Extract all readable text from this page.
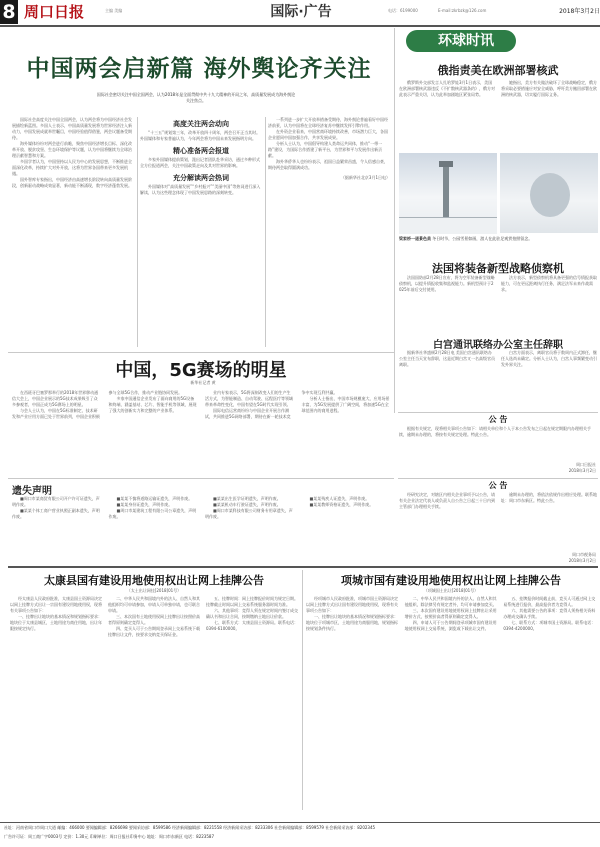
8 周口日报	主编 美编	国际·广告	电话：6199000	E-mail:zkrbzk@126.com	2018年3月2日
中国两会启新篇 海外舆论齐关注
国际社会密切关注中国全国两会，认为2018年是全面贯彻中共十九大精神的开局之年，高质量发展成为海外舆论关注焦点。

国际社会高度关注中国全国两会，认为两会将为中国经济社会发展描绘新蓝图。多国人士表示，中国高质量发展将为世界经济注入新动力，中国发展成就举世瞩目，中国经验值得借鉴，两会议题备受期待。

海外媒体纷纷对两会进行前瞻，聚焦中国经济增长目标、深化改革开放、脱贫攻坚、生态环境保护等议题，认为中国将继续为全球治理贡献智慧和方案。

多国学者认为，中国坚持以人民为中心的发展思想，不断推进全面深化改革，持续扩大对外开放，这将为世界各国带来更多发展机遇。

国外智库专家指出，中国经济由高速增长阶段转向高质量发展阶段，创新驱动战略成效显著，新动能不断涌现，数字经济蓬勃发展。

高度关注两会动向

“十三五”规划第三年，改革开放四十周年，两会召开正当其时。外国媒体和专家普遍认为，今年两会将为中国未来发展指明方向。

精心准备两会报道

多家外国媒体提前策划，派出记者团队赴华采访，通过多种形式全方位报道两会，关注中国政策走向及其对世界的影响。

充分解读两会热词

外国媒体对“高质量发展”“乡村振兴”“美丽中国”等热词进行深入解读，认为这些理念体现了中国发展思路的深刻转变。

一系列进一步扩大开放举措备受期待，海外舆论普遍看好中国经济前景，认为中国将在全球经济复苏中继续发挥引擎作用。

在外资企业看来，中国营商环境持续改善，市场潜力巨大，各国企业愿同中国加强合作，共享发展成果。

分析人士认为，中国倡导构建人类命运共同体，推动“一带一路”建设，为国际合作搭建了新平台，为世界和平与发展作出新贡献。

海外华侨华人也纷纷表示，祖国日益繁荣昌盛，令人倍感自豪，期待两会取得圆满成功。

（据新华社北京3月1日电）
环球时讯
俄指责美在欧洲部署核武

俄罗斯外交部发言人扎哈罗娃3月1日表示，美国在欧洲部署核武器违反《不扩散核武器条约》，俄方对此表示严重关切，认为此举加剧地区紧张局势。

她指出，美方有关做法破坏了全球战略稳定，俄方将采取必要措施应对安全威胁，呼吁美方撤回部署在欧洲的核武器，切实履行国际义务。

梁家桥一道景色美 冬日时节，公园雪景如画，游人在此驻足观赏拍照留念。
法国将装备新型战略侦察机

法国国防部2月28日宣布，将为空军装备新型战略侦察机，以提升情报收集和监视能力。新机型预计于2025年前后交付使用。

法方表示，新型侦察机将具备更强的信号情报获取能力，可在更远距离执行任务，满足法军未来作战需求。

白宫通讯联络办公室主任辞职

据新华社华盛顿2月28日电 美国白宫通讯联络办公室主任当天宣布辞职，这是近期白宫又一名高级官员离职。

白宫方面表示，离职官员将于数周内正式卸任，继任人选尚未确定。分析人士认为，白宫人事频繁变动引发外界关注。

中国，5G赛场的明星
新华社记者 黄

在西班牙巴塞罗那举行的2018年世界移动通信大会上，中国企业展示的5G技术成果吸引了众多参观者，中国正成为5G赛场上的明星。

与会人士认为，中国在5G标准制定、技术研发和产业应用方面已处于世界前列，中国企业积极参与全球5G合作，推动产业链协同发展。

多家中国通信企业发布了面向商用的5G设备和终端，涵盖基站、芯片、智能手机等领域，展现了强大的创新实力和完整的产业体系。

业内专家表示，5G将深刻改变人们的生产生活方式，为智能制造、自动驾驶、远程医疗等领域带来革命性变化，中国有望在5G时代实现引领。

国际电信运营商纷纷与中国企业开展合作测试，共同推进5G网络部署，期待在新一轮技术竞争中实现互利共赢。

分析人士指出，中国市场规模庞大、应用场景丰富，为5G发展提供了广阔空间，将加速5G在全球范围内的商用进程。

公 告

根据有关规定，现将相关事项公告如下：请相关单位和个人于本公告发布之日起在规定期限内办理相关手续，逾期未办理的，将按有关规定处理。特此公告。

周口日报社
2018年3月2日
公 告

经研究决定，对辖区内相关企业事项予以公告，请有关企业法定代表人或负责人自公告之日起三十日内到主管部门办理相关手续。

逾期未办理的，将依法依规作出相应处理。联系地址：周口市东新区。特此公告。

周口市税务局
2018年3月2日
遗失声明

■周口市某商贸有限公司开户许可证遗失，声明作废。

■某某个体工商户营业执照正副本遗失，声明作废。

■某某不慎将道路运输证遗失，声明作废。

■某某身份证遗失，声明作废。

■周口市某建筑工程有限公司公章遗失，声明作废。

■某某出生医学证明遗失，声明作废。

■某某机动车行驶证遗失，声明作废。

■周口市某科技有限公司财务专用章遗失，声明作废。

■某某残疾人证遗失，声明作废。

■某某教师资格证遗失，声明作废。

太康县国有建设用地使用权出让网上挂牌公告
（太土出让网挂[2018]01号）

经太康县人民政府批准，太康县国土资源局决定以网上挂牌方式出让一宗国有建设用地使用权，现将有关事项公告如下：

一、挂牌出让地块的基本情况和规划指标要求：地块位于太康县城区，土地用途为商住用地，出让年限按规定执行。

二、中华人民共和国境内外的法人、自然人和其他组织均可申请参加，申请人可单独申请，也可联合申请。

三、本次国有土地使用权网上挂牌出让按照价高者得原则确定竞得人。

四、竞买人可于公告期间登录网上交易系统下载挂牌出让文件，按要求交纳竞买保证金。

五、挂牌时间：网上挂牌报价时间为规定日期。挂牌截止时间以网上交易系统服务器时间为准。

六、其他事项：竞得人须在规定时间内签订成交确认书和出让合同，按期缴纳土地出让价款。

七、联系方式：太康县国土资源局。联系电话：0394-6100000。

项城市国有建设用地使用权出让网上挂牌公告
（项城国土出让[2018]01号）

经项城市人民政府批准，项城市国土资源局决定以网上挂牌方式出让国有建设用地使用权，现将有关事项公告如下：

一、挂牌出让地块的基本情况和规划指标要求：地块位于项城市区，土地用途为商服用地，规划指标按规划条件执行。

二、中华人民共和国境内外的法人、自然人和其他组织，除法律另有规定者外，均可申请参加竞买。

三、本次国有建设用地使用权网上挂牌出让采用增价方式，按照价高者得原则确定竞得人。

四、申请人可于公告期间登录项城市国有建设用地使用权网上交易系统，浏览或下载出让文件。

五、挂牌报价时间截止前，竞买人可通过网上交易系统进行报价，最高报价者为竞得人。

六、其他需要公告的事项：竞得人须持相关资料办理成交确认手续。

七、联系方式：项城市国土资源局。联系电话：0394-4200000。

社址：河南省周口市周口大道 邮编：466000 要闻编辑部：8266698 要闻采访部：8599586 经济新闻编辑部：8221558 经济新闻采访部：8233306 社会新闻编辑部：8599579 社会新闻采访部：8202345
广告许可证：周工商广字0003号 定价：1.30元 印刷单位：周口日报社印务中心 地址：周口市东新区 电话：8223587
